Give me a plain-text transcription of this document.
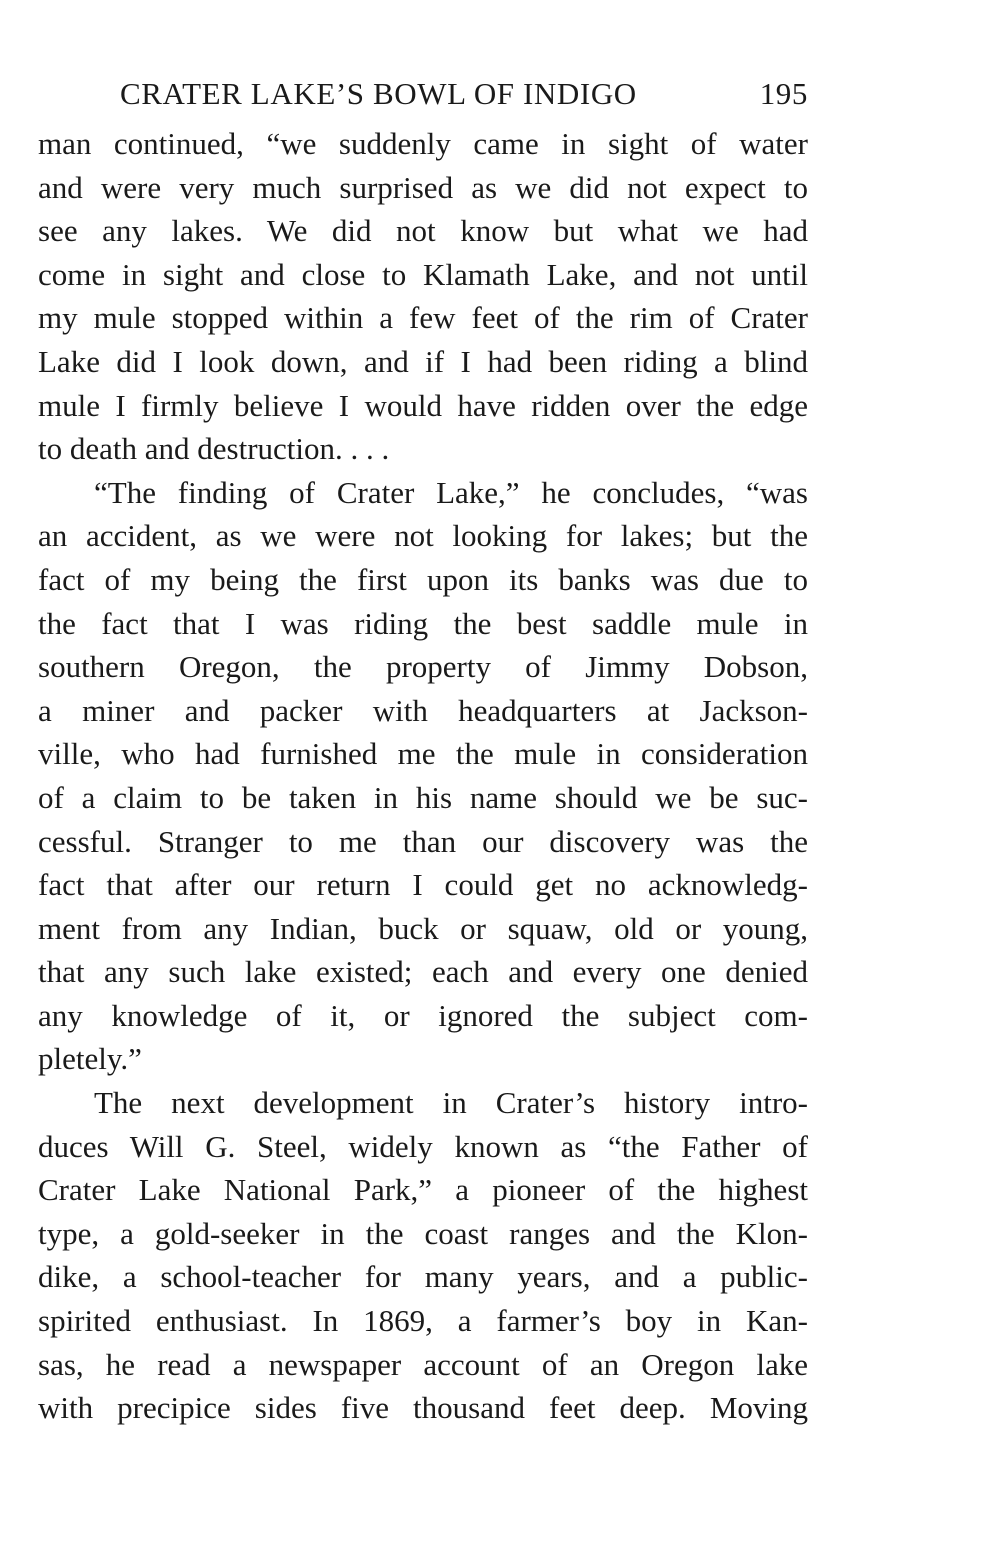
CRATER LAKE’S BOWL OF INDIGO	195
man continued, “we suddenly came in sight of water
and were very much surprised as we did not expect to
see any lakes. We did not know but what we had
come in sight and close to Klamath Lake, and not until
my mule stopped within a few feet of the rim of Crater
Lake did I look down, and if I had been riding a blind
mule I firmly believe I would have ridden over the edge
to death and destruction. . . .
“The finding of Crater Lake,” he concludes, “was
an accident, as we were not looking for lakes; but the
fact of my being the first upon its banks was due to
the fact that I was riding the best saddle mule in
southern Oregon, the property of Jimmy Dobson,
a miner and packer with headquarters at Jackson-
ville, who had furnished me the mule in consideration
of a claim to be taken in his name should we be suc-
cessful. Stranger to me than our discovery was the
fact that after our return I could get no acknowledg-
ment from any Indian, buck or squaw, old or young,
that any such lake existed; each and every one denied
any knowledge of it, or ignored the subject com-
pletely.”
The next development in Crater’s history intro-
duces Will G. Steel, widely known as “the Father of
Crater Lake National Park,” a pioneer of the highest
type, a gold-seeker in the coast ranges and the Klon-
dike, a school-teacher for many years, and a public-
spirited enthusiast. In 1869, a farmer’s boy in Kan-
sas, he read a newspaper account of an Oregon lake
with precipice sides five thousand feet deep. Moving
